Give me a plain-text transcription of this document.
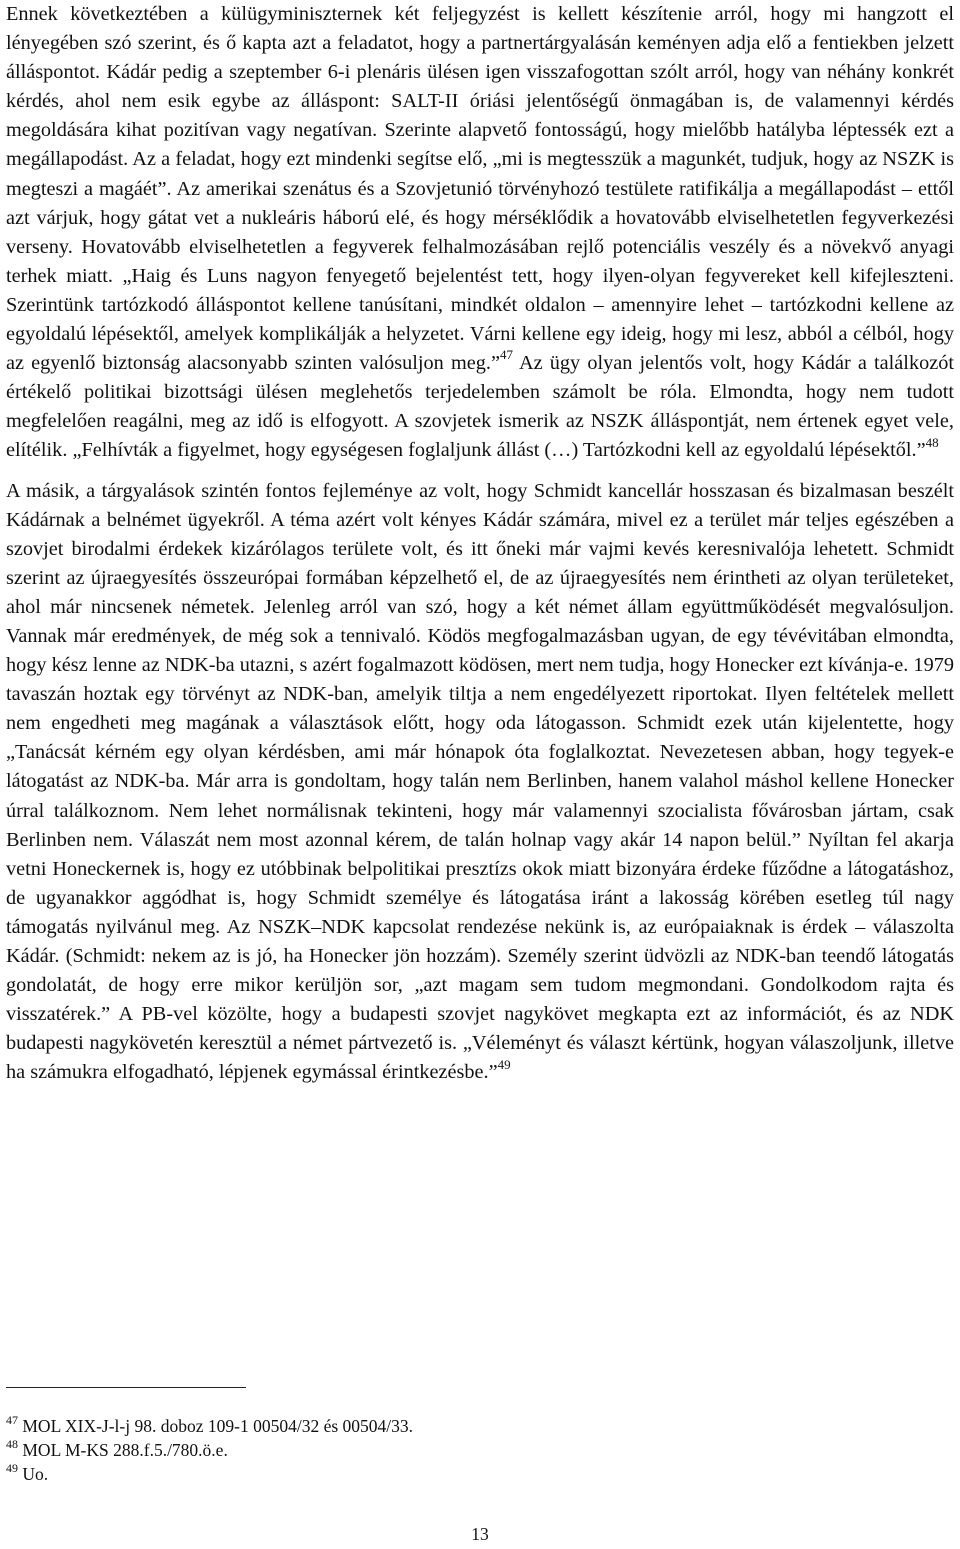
Ennek következtében a külügyminiszternek két feljegyzést is kellett készítenie arról, hogy mi hangzott el lényegében szó szerint, és ő kapta azt a feladatot, hogy a partnertárgyalásán keményen adja elő a fentiekben jelzett álláspontot. Kádár pedig a szeptember 6-i plenáris ülésen igen visszafogottan szólt arról, hogy van néhány konkrét kérdés, ahol nem esik egybe az álláspont: SALT-II óriási jelentőségű önmagában is, de valamennyi kérdés megoldására kihat pozitívan vagy negatívan. Szerinte alapvető fontosságú, hogy mielőbb hatályba léptessék ezt a megállapodást. Az a feladat, hogy ezt mindenki segítse elő, „mi is megtesszük a magunkét, tudjuk, hogy az NSZK is megteszi a magáét”. Az amerikai szenátus és a Szovjetunió törvényhozó testülete ratifikálja a megállapodást – ettől azt várjuk, hogy gátat vet a nukleáris háború elé, és hogy mérséklődik a hovatovább elviselhetetlen fegyverkezési verseny. Hovatovább elviselhetetlen a fegyverek felhalmozásában rejlő potenciális veszély és a növekvő anyagi terhek miatt. „Haig és Luns nagyon fenyegető bejelentést tett, hogy ilyen-olyan fegyvereket kell kifejleszteni. Szerintünk tartózkodó álláspontot kellene tanúsítani, mindkét oldalon – amennyire lehet – tartózkodni kellene az egyoldalú lépésektől, amelyek komplikálják a helyzetet. Várni kellene egy ideig, hogy mi lesz, abból a célból, hogy az egyenlő biztonság alacsonyabb szinten valósuljon meg.”$^{47}$ Az ügy olyan jelentős volt, hogy Kádár a találkozót értékelő politikai bizottsági ülésen meglehetős terjedelemben számolt be róla. Elmondta, hogy nem tudott megfelelően reagálni, meg az idő is elfogyott. A szovjetek ismerik az NSZK álláspontját, nem értenek egyet vele, elítélik. „Felhívták a figyelmet, hogy egységesen foglaljunk állást (…) Tartózkodni kell az egyoldalú lépésektől.”$^{48}$

A másik, a tárgyalások szintén fontos fejleménye az volt, hogy Schmidt kancellár hosszasan és bizalmasan beszélt Kádárnak a belnémet ügyekről. A téma azért volt kényes Kádár számára, mivel ez a terület már teljes egészében a szovjet birodalmi érdekek kizárólagos területe volt, és itt őneki már vajmi kevés keresnivalója lehetett. Schmidt szerint az újraegyesítés összeurópai formában képzelhető el, de az újraegyesítés nem érintheti az olyan területeket, ahol már nincsenek németek. Jelenleg arról van szó, hogy a két német állam együttműködését megvalósuljon. Vannak már eredmények, de még sok a tennivaló. Ködös megfogalmazásban ugyan, de egy tévévitában elmondta, hogy kész lenne az NDK-ba utazni, s azért fogalmazott ködösen, mert nem tudja, hogy Honecker ezt kívánja-e. 1979 tavaszán hoztak egy törvényt az NDK-ban, amelyik tiltja a nem engedélyezett riportokat. Ilyen feltételek mellett nem engedheti meg magának a választások előtt, hogy oda látogasson. Schmidt ezek után kijelentette, hogy „Tanácsát kérném egy olyan kérdésben, ami már hónapok óta foglalkoztat. Nevezetesen abban, hogy tegyek-e látogatást az NDK-ba. Már arra is gondoltam, hogy talán nem Berlinben, hanem valahol máshol kellene Honecker úrral találkoznom. Nem lehet normálisnak tekinteni, hogy már valamennyi szocialista fővárosban jártam, csak Berlinben nem. Válaszát nem most azonnal kérem, de talán holnap vagy akár 14 napon belül.” Nyíltan fel akarja vetni Honeckernek is, hogy ez utóbbinak belpolitikai presztízs okok miatt bizonyára érdeke fűződne a látogatáshoz, de ugyanakkor aggódhat is, hogy Schmidt személye és látogatása iránt a lakosság körében esetleg túl nagy támogatás nyilvánul meg. Az NSZK–NDK kapcsolat rendezése nekünk is, az európaiaknak is érdek – válaszolta Kádár. (Schmidt: nekem az is jó, ha Honecker jön hozzám). Személy szerint üdvözli az NDK-ban teendő látogatás gondolatát, de hogy erre mikor kerüljön sor, „azt magam sem tudom megmondani. Gondolkodom rajta és visszatérek.” A PB-vel közölte, hogy a budapesti szovjet nagykövet megkapta ezt az információt, és az NDK budapesti nagykövetén keresztül a német pártvezető is. „Véleményt és választ kértünk, hogyan válaszoljunk, illetve ha számukra elfogadható, lépjenek egymással érintkezésbe.”$^{49}$

$^{47}$ MOL XIX-J-l-j 98. doboz 109-1 00504/32 és 00504/33.

$^{48}$ MOL M-KS 288.f.5./780.ö.e.

$^{49}$ Uo.

13
